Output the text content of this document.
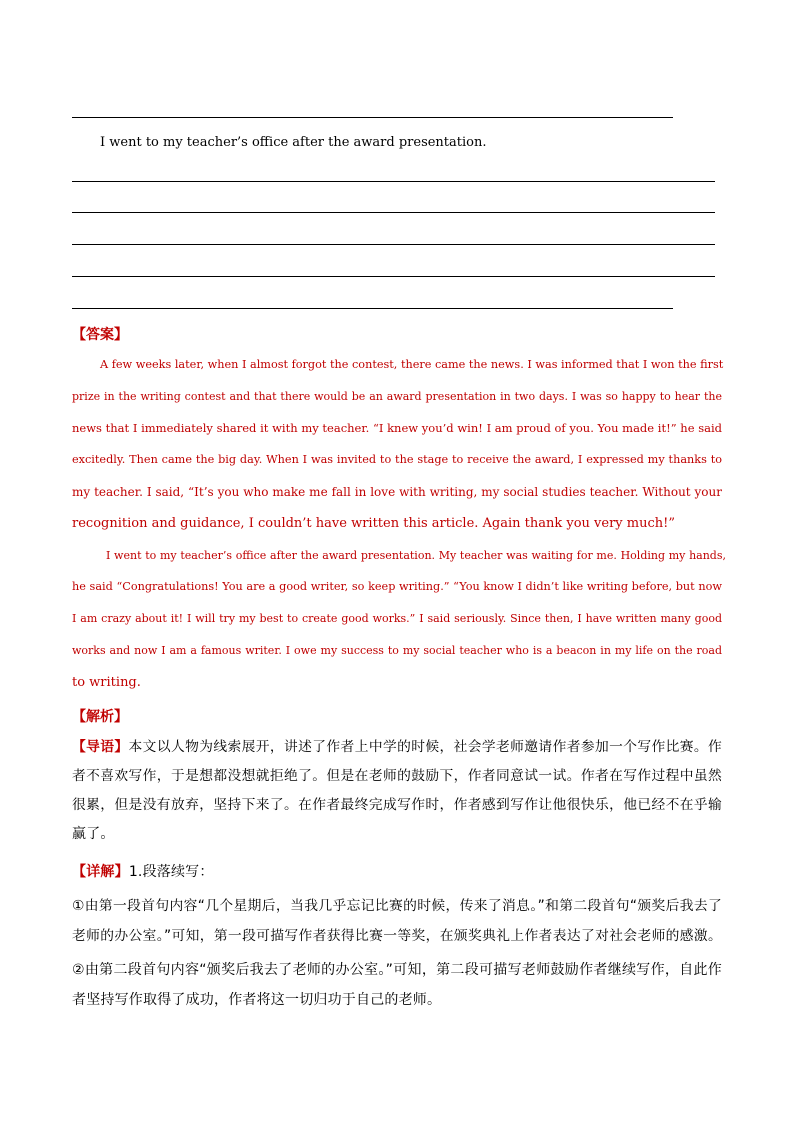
I went to my teacher’s office after the award presentation.
【答案】
A few weeks later, when I almost forgot the contest, there came the news. I was informed that I won the first
prize in the writing contest and that there would be an award presentation in two days. I was so happy to hear the
news that I immediately shared it with my teacher. “I knew you’d win! I am proud of you. You made it!” he said
excitedly. Then came the big day. When I was invited to the stage to receive the award, I expressed my thanks to
my teacher. I said, “It’s you who make me fall in love with writing, my social studies teacher. Without your
recognition and guidance, I couldn’t have written this article. Again thank you very much!”
I went to my teacher’s office after the award presentation. My teacher was waiting for me. Holding my hands,
he said “Congratulations! You are a good writer, so keep writing.” “You know I didn’t like writing before, but now
I am crazy about it! I will try my best to create good works.” I said seriously. Since then, I have written many good
works and now I am a famous writer. I owe my success to my social teacher who is a beacon in my life on the road
to writing.
【解析】
【导语】本文以人物为线索展开，讲述了作者上中学的时候，社会学老师邀请作者参加一个写作比赛。作
者不喜欢写作，于是想都没想就拒绝了。但是在老师的鼓励下，作者同意试一试。作者在写作过程中虽然
很累，但是没有放弃，坚持下来了。在作者最终完成写作时，作者感到写作让他很快乐，他已经不在乎输
赢了。
【详解】1.段落续写：
①由第一段首句内容“几个星期后，当我几乎忘记比赛的时候，传来了消息。”和第二段首句“颁奖后我去了
老师的办公室。”可知，第一段可描写作者获得比赛一等奖，在颁奖典礼上作者表达了对社会老师的感激。
②由第二段首句内容“颁奖后我去了老师的办公室。”可知，第二段可描写老师鼓励作者继续写作，自此作
者坚持写作取得了成功，作者将这一切归功于自己的老师。
